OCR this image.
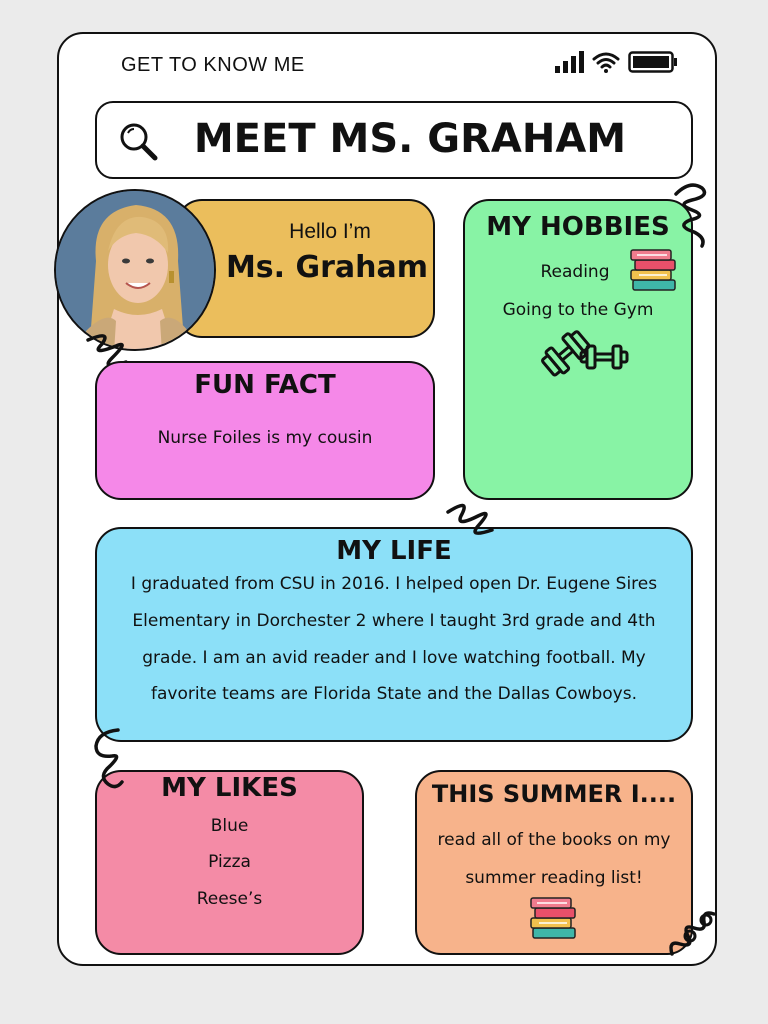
GET TO KNOW ME
MEET MS. GRAHAM
Hello I’m
Ms. Graham
MY HOBBIES
Reading
Going to the Gym
FUN FACT
Nurse Foiles is my cousin
MY LIFE
I graduated from CSU in 2016. I helped open Dr. Eugene Sires
Elementary in Dorchester 2 where I taught 3rd grade and 4th
grade. I am an avid reader and I love watching football. My
favorite teams are Florida State and the Dallas Cowboys.
MY LIKES
Blue
Pizza
Reese’s
THIS SUMMER I....
read all of the books on my
summer reading list!
